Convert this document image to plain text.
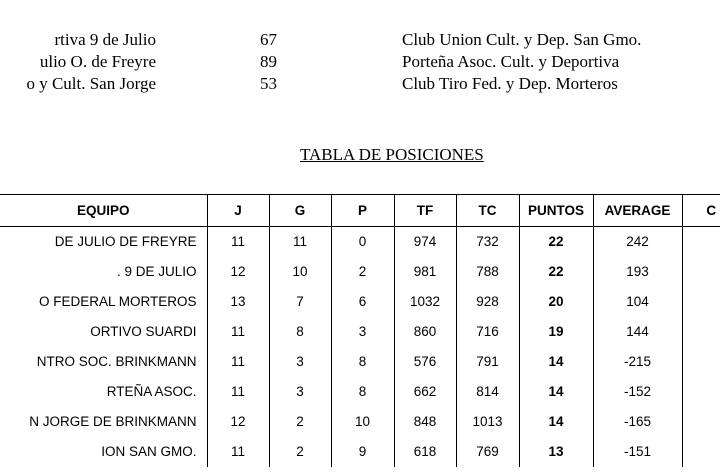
rtiva 9 de Julio	67	Club Union Cult. y Dep. San Gmo.
ulio O. de Freyre	89	Porteña Asoc. Cult. y Deportiva
o y Cult. San Jorge	53	Club Tiro Fed. y Dep. Morteros
TABLA DE POSICIONES
EQUIPO	J	G	P	TF	TC	PUNTOS	AVERAGE	C
DE JULIO DE FREYRE	11	11	0	974	732	22	242	
. 9 DE JULIO	12	10	2	981	788	22	193	
O FEDERAL MORTEROS	13	7	6	1032	928	20	104	
ORTIVO SUARDI	11	8	3	860	716	19	144	
NTRO SOC. BRINKMANN	11	3	8	576	791	14	-215	
RTEÑA ASOC.	11	3	8	662	814	14	-152	
N JORGE DE BRINKMANN	12	2	10	848	1013	14	-165	
ION SAN GMO.	11	2	9	618	769	13	-151	
